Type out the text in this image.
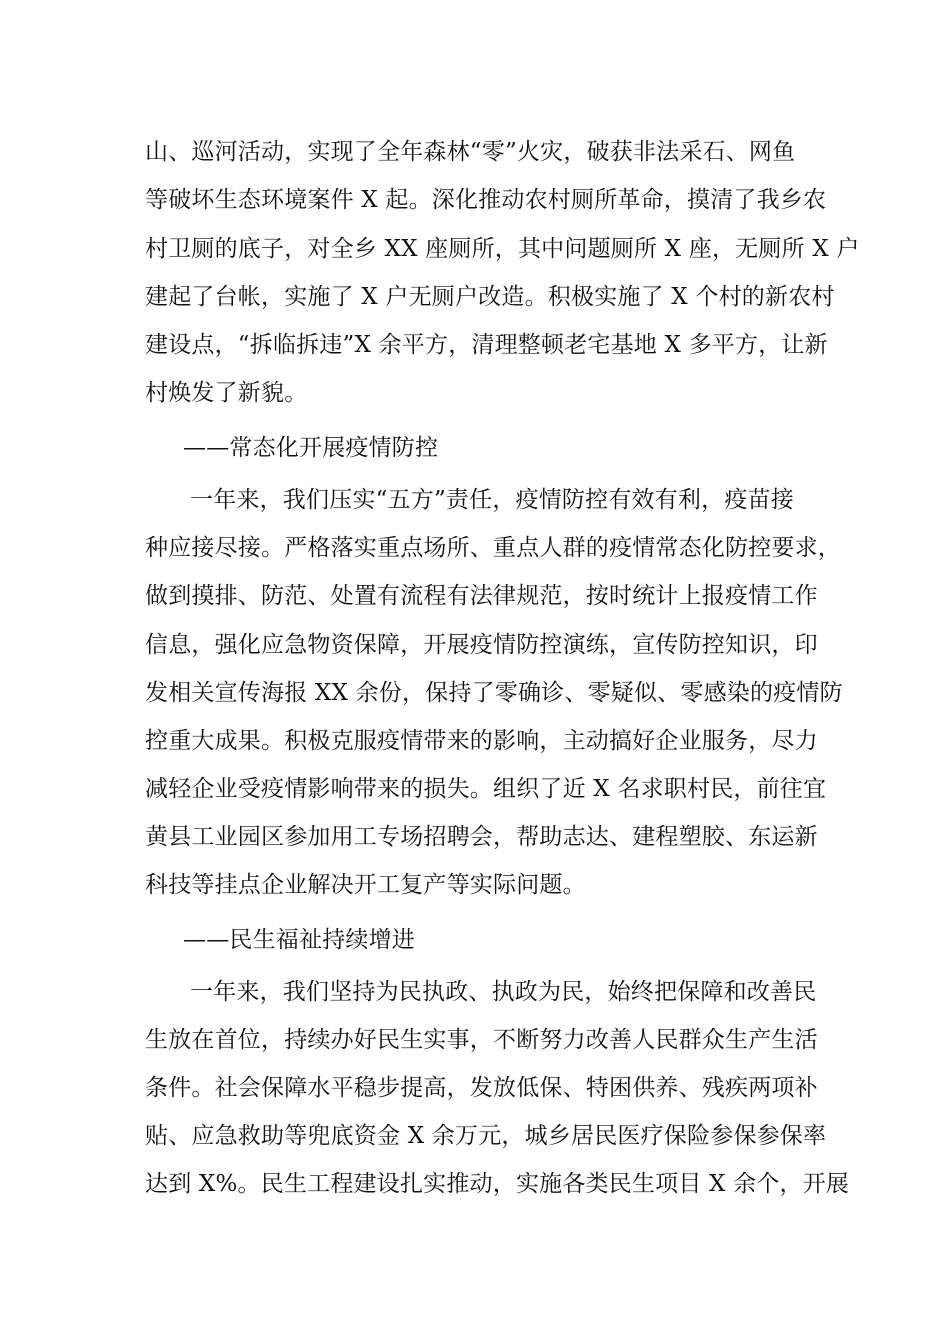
山、巡河活动，实现了全年森林“零”火灾，破获非法采石、网鱼
等破坏生态环境案件 X 起。深化推动农村厕所革命，摸清了我乡农
村卫厕的底子，对全乡 XX 座厕所，其中问题厕所 X 座，无厕所 X 户
建起了台帐，实施了 X 户无厕户改造。积极实施了 X 个村的新农村
建设点，“拆临拆违”X 余平方，清理整顿老宅基地 X 多平方，让新
村焕发了新貌。
——常态化开展疫情防控
一年来，我们压实“五方”责任，疫情防控有效有利，疫苗接
种应接尽接。严格落实重点场所、重点人群的疫情常态化防控要求，
做到摸排、防范、处置有流程有法律规范，按时统计上报疫情工作
信息，强化应急物资保障，开展疫情防控演练，宣传防控知识，印
发相关宣传海报 XX 余份，保持了零确诊、零疑似、零感染的疫情防
控重大成果。积极克服疫情带来的影响，主动搞好企业服务，尽力
减轻企业受疫情影响带来的损失。组织了近 X 名求职村民，前往宜
黄县工业园区参加用工专场招聘会，帮助志达、建程塑胶、东运新
科技等挂点企业解决开工复产等实际问题。
——民生福祉持续增进
一年来，我们坚持为民执政、执政为民，始终把保障和改善民
生放在首位，持续办好民生实事，不断努力改善人民群众生产生活
条件。社会保障水平稳步提高，发放低保、特困供养、残疾两项补
贴、应急救助等兜底资金 X 余万元，城乡居民医疗保险参保参保率
达到 X%。民生工程建设扎实推动，实施各类民生项目 X 余个，开展
